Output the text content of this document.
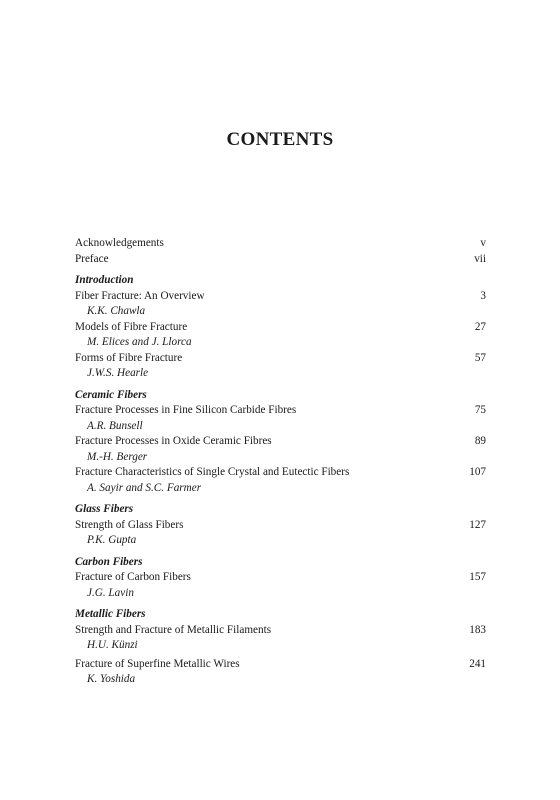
CONTENTS
Acknowledgements	v
Preface	vii
Introduction
Fiber Fracture: An Overview	3
K.K. Chawla
Models of Fibre Fracture	27
M. Elices and J. Llorca
Forms of Fibre Fracture	57
J.W.S. Hearle
Ceramic Fibers
Fracture Processes in Fine Silicon Carbide Fibres	75
A.R. Bunsell
Fracture Processes in Oxide Ceramic Fibres	89
M.-H. Berger
Fracture Characteristics of Single Crystal and Eutectic Fibers	107
A. Sayir and S.C. Farmer
Glass Fibers
Strength of Glass Fibers	127
P.K. Gupta
Carbon Fibers
Fracture of Carbon Fibers	157
J.G. Lavin
Metallic Fibers
Strength and Fracture of Metallic Filaments	183
H.U. Künzi
Fracture of Superfine Metallic Wires	241
K. Yoshida
